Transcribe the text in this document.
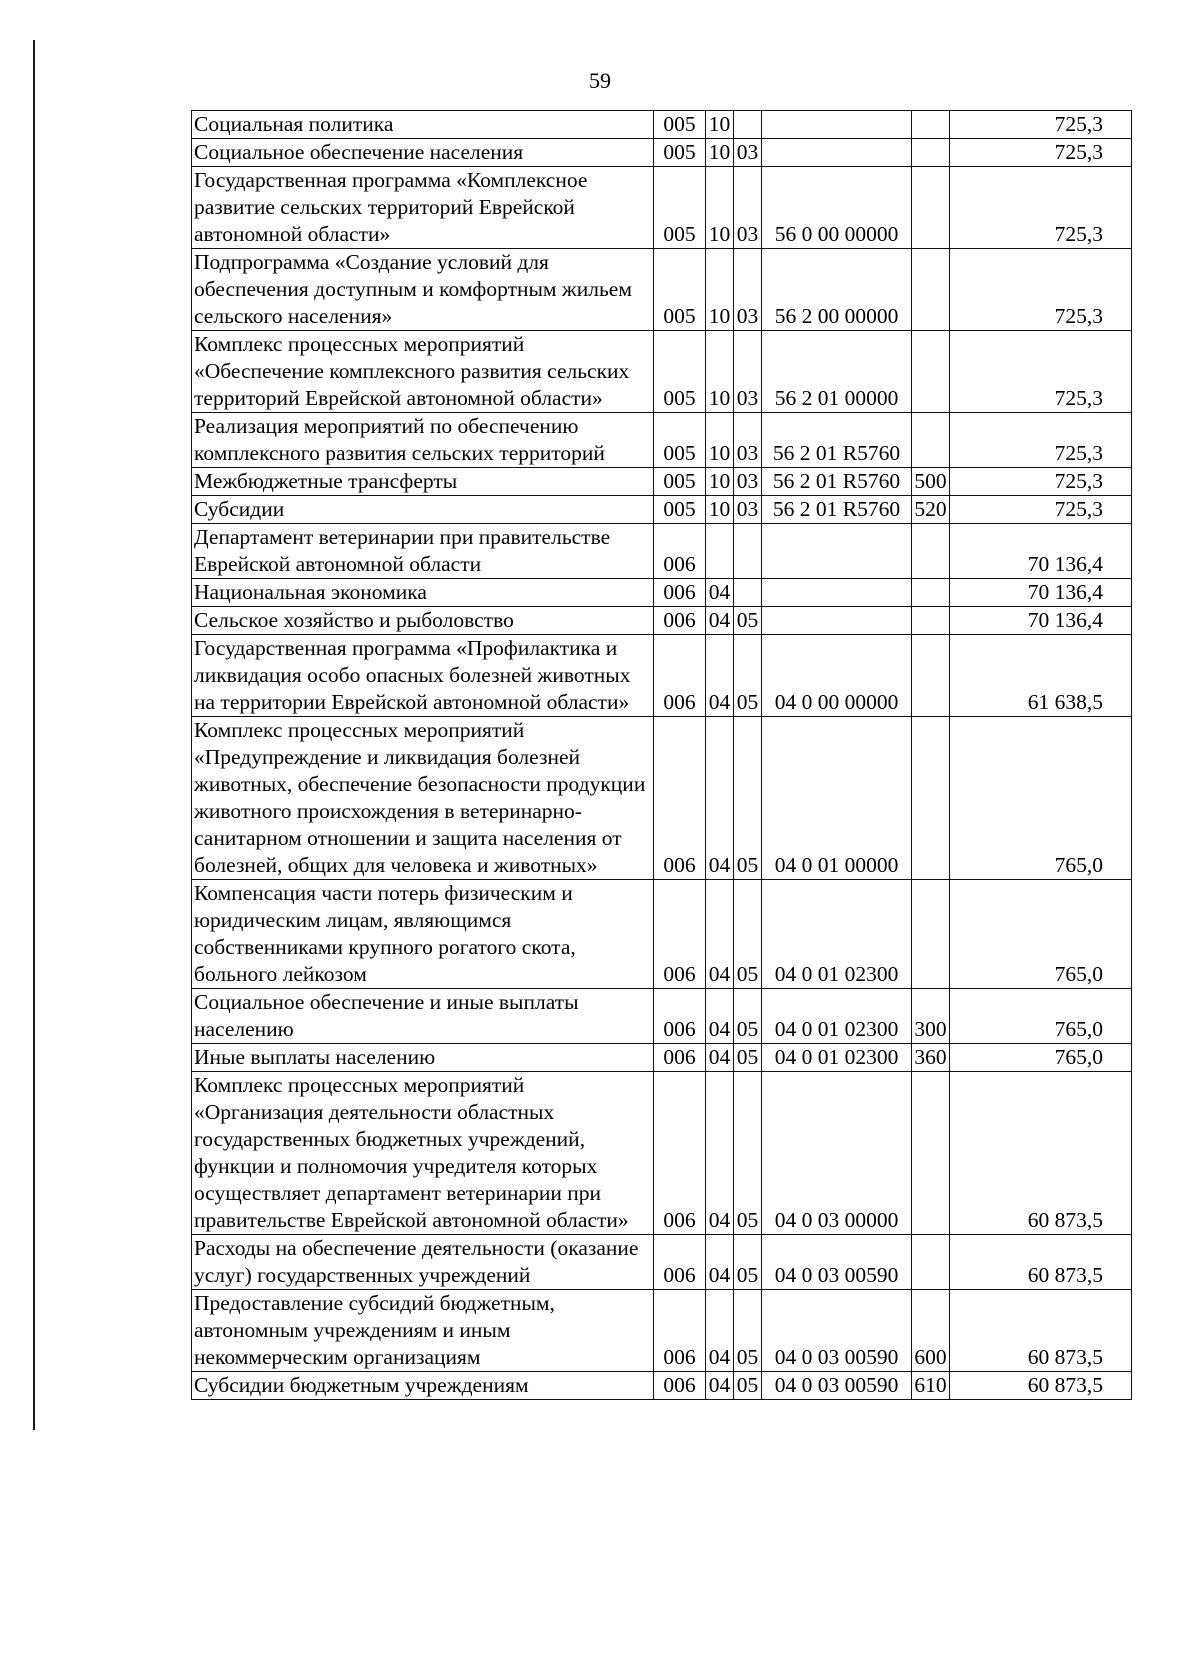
59
Социальная политика	005	10				725,3
Социальное обеспечение населения	005	10	03			725,3
Государственная программа «Комплексное развитие сельских территорий Еврейской автономной области»	005	10	03	56 0 00 00000		725,3
Подпрограмма «Создание условий для обеспечения доступным и комфортным жильем сельского населения»	005	10	03	56 2 00 00000		725,3
Комплекс процессных мероприятий «Обеспечение комплексного развития сельских территорий Еврейской автономной области»	005	10	03	56 2 01 00000		725,3
Реализация мероприятий по обеспечению комплексного развития сельских территорий	005	10	03	56 2 01 R5760		725,3
Межбюджетные трансферты	005	10	03	56 2 01 R5760	500	725,3
Субсидии	005	10	03	56 2 01 R5760	520	725,3
Департамент ветеринарии при правительстве Еврейской автономной области	006					70 136,4
Национальная экономика	006	04				70 136,4
Сельское хозяйство и рыболовство	006	04	05			70 136,4
Государственная программа «Профилактика и ликвидация особо опасных болезней животных на территории Еврейской автономной области»	006	04	05	04 0 00 00000		61 638,5
Комплекс процессных мероприятий «Предупреждение и ликвидация болезней животных, обеспечение безопасности продукции животного происхождения в ветеринарно-санитарном отношении и защита населения от болезней, общих для человека и животных»	006	04	05	04 0 01 00000		765,0
Компенсация части потерь физическим и юридическим лицам, являющимся собственниками крупного рогатого скота, больного лейкозом	006	04	05	04 0 01 02300		765,0
Социальное обеспечение и иные выплаты населению	006	04	05	04 0 01 02300	300	765,0
Иные выплаты населению	006	04	05	04 0 01 02300	360	765,0
Комплекс процессных мероприятий «Организация деятельности областных государственных бюджетных учреждений, функции и полномочия учредителя которых осуществляет департамент ветеринарии при правительстве Еврейской автономной области»	006	04	05	04 0 03 00000		60 873,5
Расходы на обеспечение деятельности (оказание услуг) государственных учреждений	006	04	05	04 0 03 00590		60 873,5
Предоставление субсидий бюджетным, автономным учреждениям и иным некоммерческим организациям	006	04	05	04 0 03 00590	600	60 873,5
Субсидии бюджетным учреждениям	006	04	05	04 0 03 00590	610	60 873,5
